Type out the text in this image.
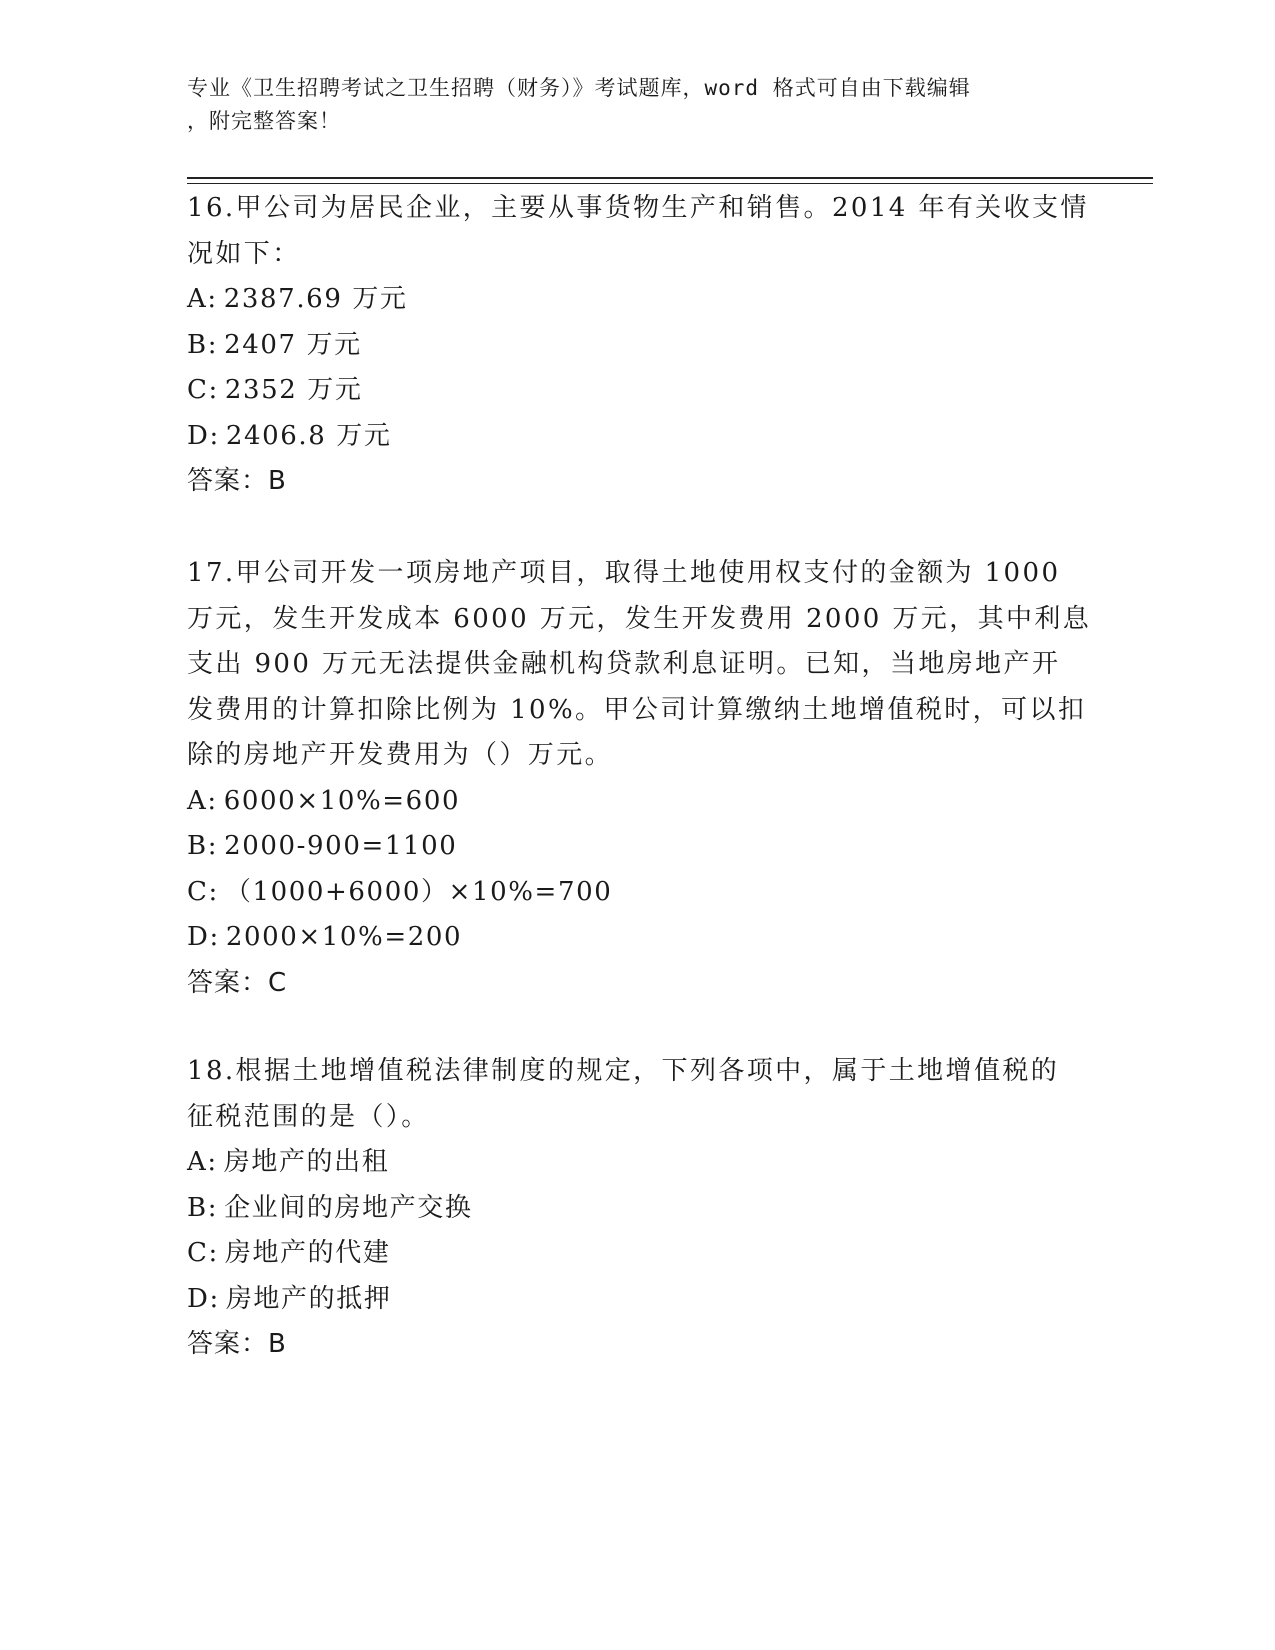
专业《卫生招聘考试之卫生招聘（财务）》考试题库，word 格式可自由下载编辑
，附完整答案！
16.甲公司为居民企业，主要从事货物生产和销售。2014 年有关收支情
况如下：
A: 2387.69 万元
B: 2407 万元
C: 2352 万元
D: 2406.8 万元
答案：B
17.甲公司开发一项房地产项目，取得土地使用权支付的金额为 1000
万元，发生开发成本 6000 万元，发生开发费用 2000 万元，其中利息
支出 900 万元无法提供金融机构贷款利息证明。已知，当地房地产开
发费用的计算扣除比例为 10%。甲公司计算缴纳土地增值税时，可以扣
除的房地产开发费用为（）万元。
A: 6000×10%=600
B: 2000-900=1100
C: （1000+6000）×10%=700
D: 2000×10%=200
答案：C
18.根据土地增值税法律制度的规定，下列各项中，属于土地增值税的
征税范围的是（）。
A: 房地产的出租
B: 企业间的房地产交换
C: 房地产的代建
D: 房地产的抵押
答案：B
